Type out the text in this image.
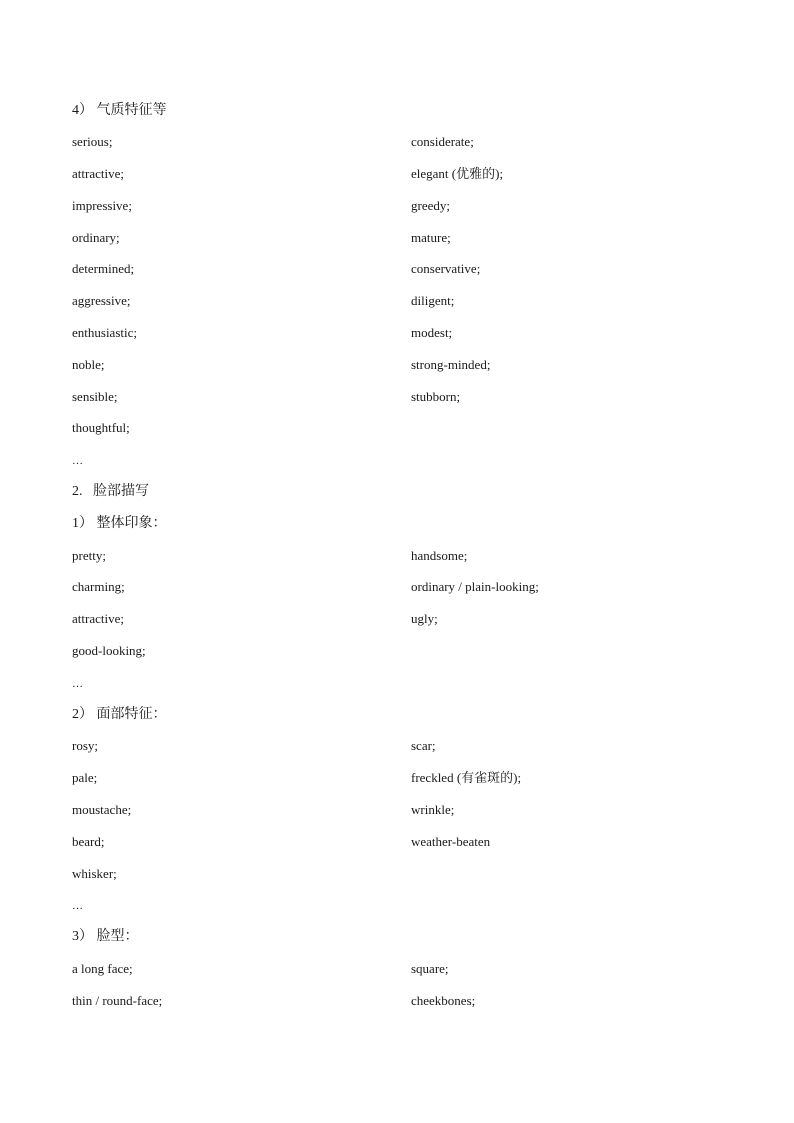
4） 气质特征等
serious;	considerate;
attractive;	elegant (优雅的);
impressive;	greedy;
ordinary;	mature;
determined;	conservative;
aggressive;	diligent;
enthusiastic;	modest;
noble;	strong-minded;
sensible;	stubborn;
thoughtful;
…
2.   脸部描写
1） 整体印象：
pretty;	handsome;
charming;	ordinary / plain-looking;
attractive;	ugly;
good-looking;
…
2） 面部特征：
rosy;	scar;
pale;	freckled (有雀斑的);
moustache;	wrinkle;
beard;	weather-beaten
whisker;
…
3） 脸型：
a long face;	square;
thin / round-face;	cheekbones;
